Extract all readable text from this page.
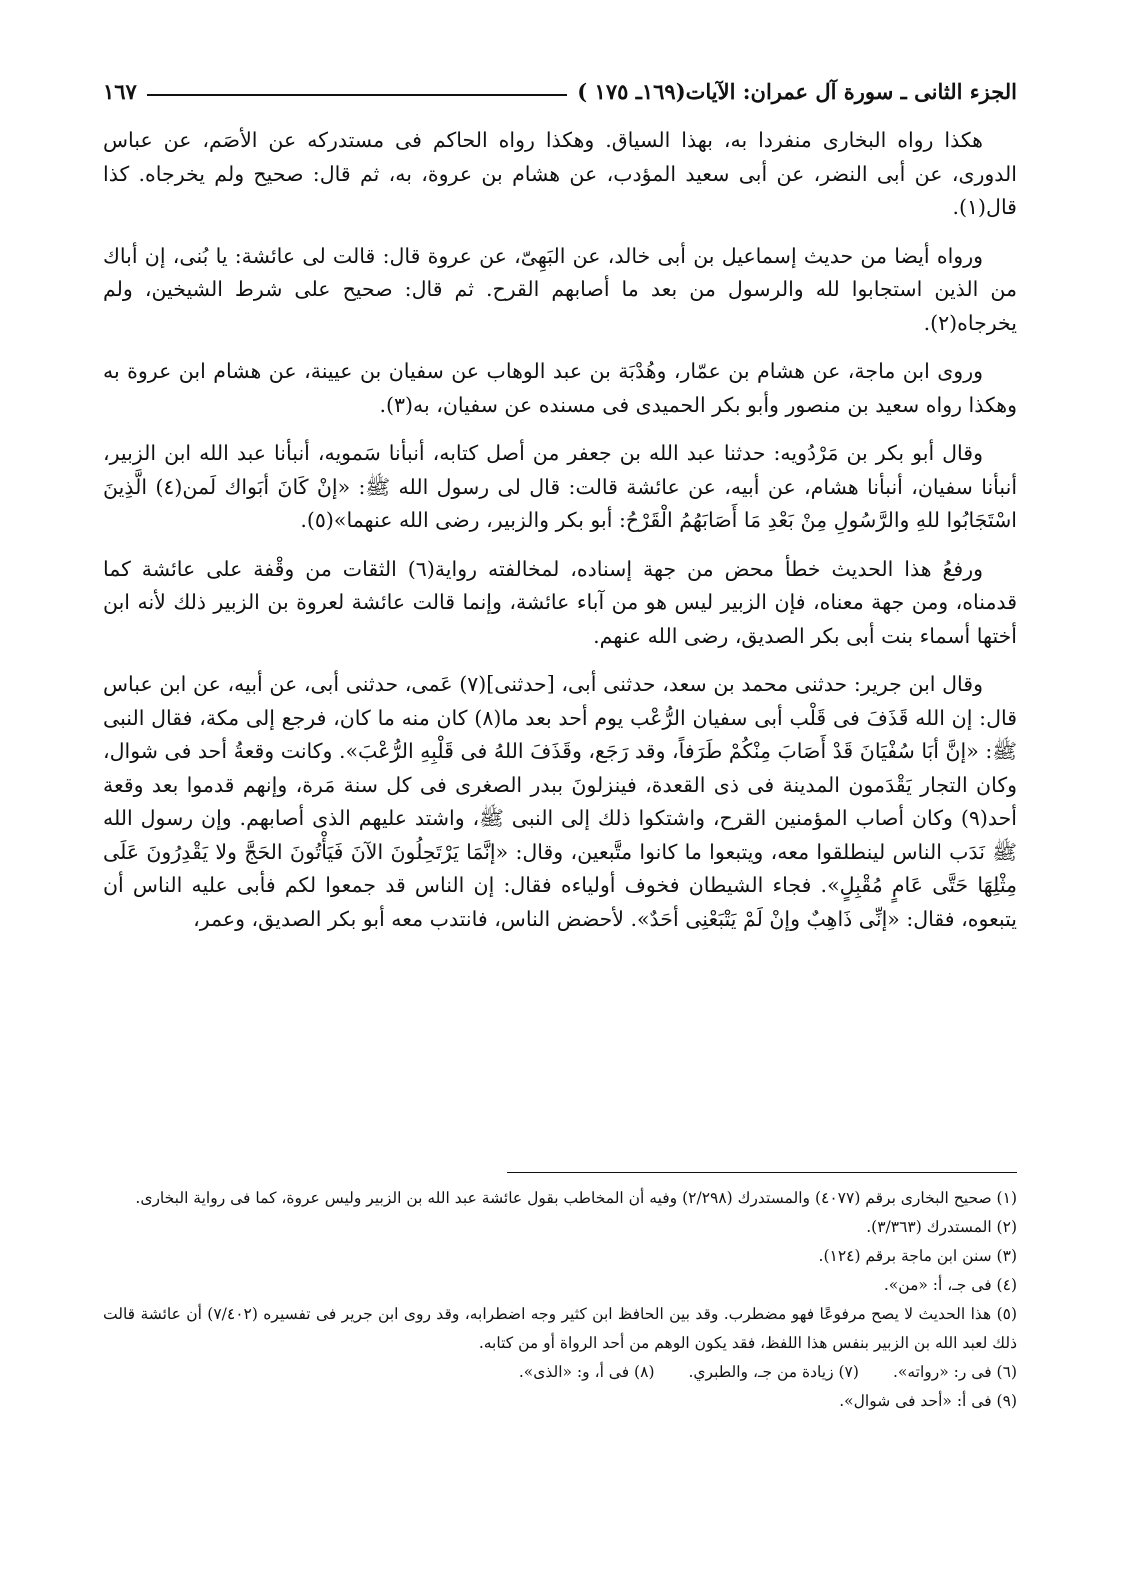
الجزء الثانى ـ سورة آل عمران: الآيات(١٦٩ـ ١٧٥ )
١٦٧

هكذا رواه البخارى منفردا به، بهذا السياق. وهكذا رواه الحاكم فى مستدركه عن الأصَم، عن عباس الدورى، عن أبى النضر، عن أبى سعيد المؤدب، عن هشام بن عروة، به، ثم قال: صحيح ولم يخرجاه. كذا قال(١).

ورواه أيضا من حديث إسماعيل بن أبى خالد، عن البَهِىّ، عن عروة قال: قالت لى عائشة: يا بُنى، إن أباك من الذين استجابوا لله والرسول من بعد ما أصابهم القرح. ثم قال: صحيح على شرط الشيخين، ولم يخرجاه(٢).

وروى ابن ماجة، عن هشام بن عمّار، وهُدْبَة بن عبد الوهاب عن سفيان بن عيينة، عن هشام ابن عروة به وهكذا رواه سعيد بن منصور وأبو بكر الحميدى فى مسنده عن سفيان، به(٣).

وقال أبو بكر بن مَرْدُويه: حدثنا عبد الله بن جعفر من أصل كتابه، أنبأنا سَمويه، أنبأنا عبد الله ابن الزبير، أنبأنا سفيان، أنبأنا هشام، عن أبيه، عن عائشة قالت: قال لى رسول الله ﷺ: «إنْ كَانَ أبَواك لَمن(٤) الَّذِينَ اسْتَجَابُوا للهِ والرَّسُولِ مِنْ بَعْدِ مَا أَصَابَهُمُ الْقَرْحُ: أبو بكر والزبير، رضى الله عنهما»(٥).

ورفعُ هذا الحديث خطأ محض من جهة إسناده، لمخالفته رواية(٦) الثقات من وقْفة على عائشة كما قدمناه، ومن جهة معناه، فإن الزبير ليس هو من آباء عائشة، وإنما قالت عائشة لعروة بن الزبير ذلك لأنه ابن أختها أسماء بنت أبى بكر الصديق، رضى الله عنهم.

وقال ابن جرير: حدثنى محمد بن سعد، حدثنى أبى، [حدثنى](٧) عَمى، حدثنى أبى، عن أبيه، عن ابن عباس قال: إن الله قَذَفَ فى قَلْب أبى سفيان الرُّعْب يوم أحد بعد ما(٨) كان منه ما كان، فرجع إلى مكة، فقال النبى ﷺ: «إنَّ أبَا سُفْيَانَ قَدْ أَصَابَ مِنْكُمْ طَرَفاً، وقد رَجَع، وقَذَفَ اللهُ فى قَلْبِهِ الرُّعْبَ». وكانت وقعةُ أحد فى شوال، وكان التجار يَقْدَمون المدينة فى ذى القعدة، فينزلونَ ببدر الصغرى فى كل سنة مَرة، وإنهم قدموا بعد وقعة أحد(٩) وكان أصاب المؤمنين القرح، واشتكوا ذلك إلى النبى ﷺ، واشتد عليهم الذى أصابهم. وإن رسول الله ﷺ نَدَب الناس لينطلقوا معه، ويتبعوا ما كانوا متَّبعين، وقال: «إنَّمَا يَرْتَحِلُونَ الآنَ فَيَأْتُونَ الحَجَّ ولا يَقْدِرُونَ عَلَى مِثْلِهَا حَتَّى عَامٍ مُقْبِلٍ». فجاء الشيطان فخوف أولياءه فقال: إن الناس قد جمعوا لكم فأبى عليه الناس أن يتبعوه، فقال: «إنِّى ذَاهِبٌ وإنْ لَمْ يَتْبَعْنِى أحَدٌ». لأحضض الناس، فانتدب معه أبو بكر الصديق، وعمر،

(١) صحيح البخارى برقم (٤٠٧٧) والمستدرك (٢/٢٩٨) وفيه أن المخاطب بقول عائشة عبد الله بن الزبير وليس عروة، كما فى رواية البخارى.
(٢) المستدرك (٣/٣٦٣).
(٣) سنن ابن ماجة برقم (١٢٤).
(٤) فى جـ، أ: «من».
(٥) هذا الحديث لا يصح مرفوعًا فهو مضطرب. وقد بين الحافظ ابن كثير وجه اضطرابه، وقد روى ابن جرير فى تفسيره (٧/٤٠٢) أن عائشة قالت ذلك لعبد الله بن الزبير بنفس هذا اللفظ، فقد يكون الوهم من أحد الرواة أو من كتابه.
(٦) فى ر: «رواته».
(٧) زيادة من جـ، والطبري.
(٨) فى أ، و: «الذى».
(٩) فى أ: «أحد فى شوال».
